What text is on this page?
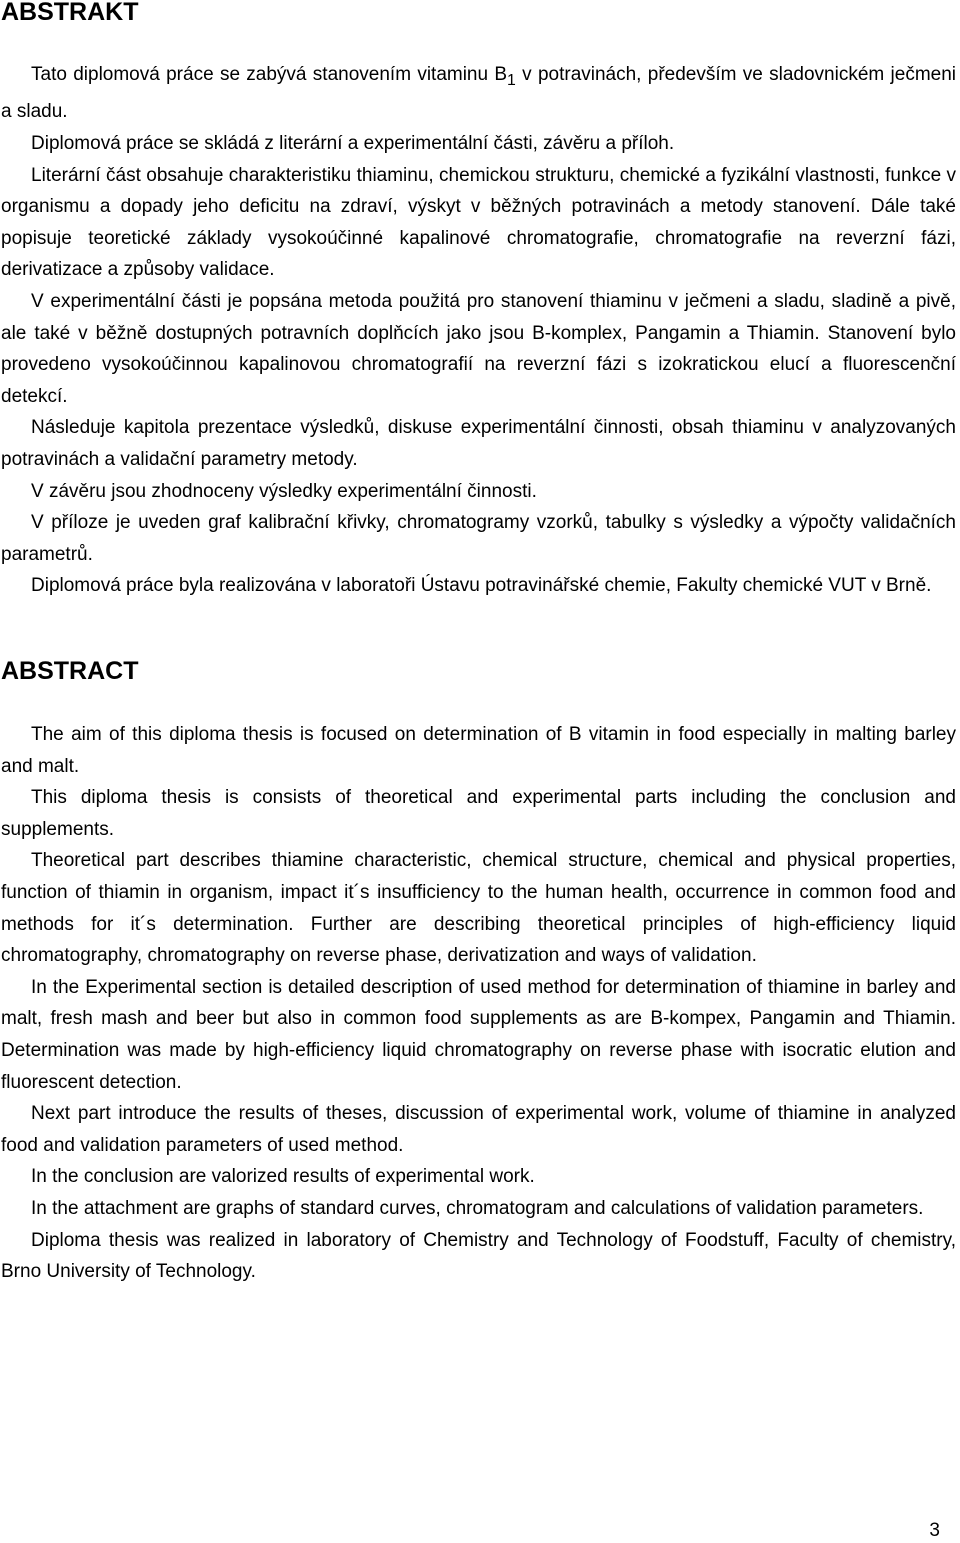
ABSTRAKT

Tato diplomová práce se zabývá stanovením vitaminu $B_1$ v potravinách, především ve sladovnickém ječmeni a sladu.

Diplomová práce se skládá z literární a experimentální části, závěru a příloh.

Literární část obsahuje charakteristiku thiaminu, chemickou strukturu, chemické a fyzikální vlastnosti, funkce v organismu a dopady jeho deficitu na zdraví, výskyt v běžných potravinách a metody stanovení. Dále také popisuje teoretické základy vysokoúčinné kapalinové chromatografie, chromatografie na reverzní fázi, derivatizace a způsoby validace.

V experimentální části je popsána metoda použitá pro stanovení thiaminu v ječmeni a sladu, sladině a pivě, ale také v běžně dostupných potravních doplňcích jako jsou B-komplex, Pangamin a Thiamin. Stanovení bylo provedeno vysokoúčinnou kapalinovou chromatografií na reverzní fázi s izokratickou elucí a fluorescenční detekcí.

Následuje kapitola prezentace výsledků, diskuse experimentální činnosti, obsah thiaminu v analyzovaných potravinách a validační parametry metody.

V závěru jsou zhodnoceny výsledky experimentální činnosti.

V příloze je uveden graf kalibrační křivky, chromatogramy vzorků, tabulky s výsledky a výpočty validačních parametrů.

Diplomová práce byla realizována v laboratoři Ústavu potravinářské chemie, Fakulty chemické VUT v Brně.

ABSTRACT

The aim of this diploma thesis is focused on determination of B vitamin in food especially in malting barley and malt.

This diploma thesis is consists of theoretical and experimental parts including the conclusion and supplements.

Theoretical part describes thiamine characteristic, chemical structure, chemical and physical properties, function of thiamin in organism, impact it´s insufficiency to the human health, occurrence in common food and methods for it´s determination. Further are describing theoretical principles of high-efficiency liquid chromatography, chromatography on reverse phase, derivatization and ways of validation.

In the Experimental section is detailed description of used method for determination of thiamine in barley and malt, fresh mash and beer but also in common food supplements as are B-kompex, Pangamin and Thiamin. Determination was made by high-efficiency liquid chromatography on reverse phase with isocratic elution and fluorescent detection.

Next part introduce the results of theses, discussion of experimental work, volume of thiamine in analyzed food and validation parameters of used method.

In the conclusion are valorized results of experimental work.

In the attachment are graphs of standard curves, chromatogram and calculations of validation parameters.

Diploma thesis was realized in laboratory of Chemistry and Technology of Foodstuff, Faculty of chemistry, Brno University of Technology.

3
